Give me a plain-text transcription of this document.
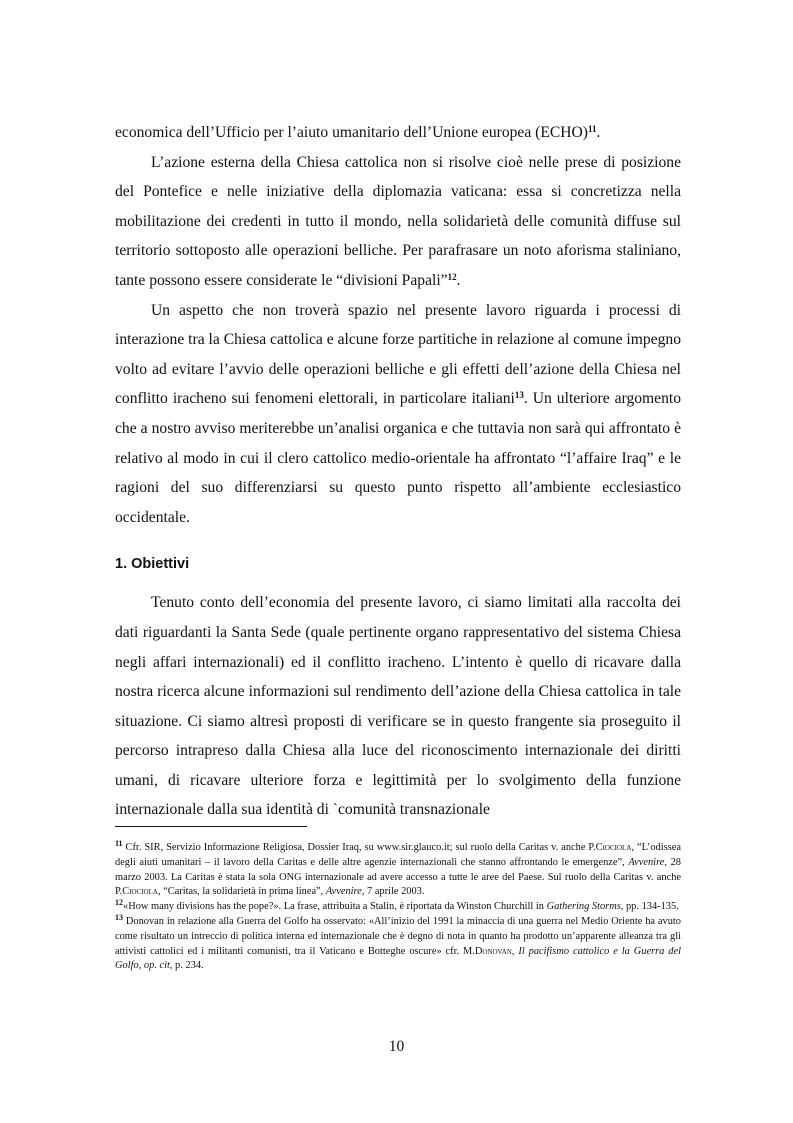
economica dell’Ufficio per l’aiuto umanitario dell’Unione europea (ECHO)$^{11}$.

L’azione esterna della Chiesa cattolica non si risolve cioè nelle prese di posizione del Pontefice e nelle iniziative della diplomazia vaticana: essa si concretizza nella mobilitazione dei credenti in tutto il mondo, nella solidarietà delle comunità diffuse sul territorio sottoposto alle operazioni belliche. Per parafrasare un noto aforisma staliniano, tante possono essere considerate le “divisioni Papali”$^{12}$.

Un aspetto che non troverà spazio nel presente lavoro riguarda i processi di interazione tra la Chiesa cattolica e alcune forze partitiche in relazione al comune impegno volto ad evitare l’avvio delle operazioni belliche e gli effetti dell’azione della Chiesa nel conflitto iracheno sui fenomeni elettorali, in particolare italiani$^{13}$. Un ulteriore argomento che a nostro avviso meriterebbe un’analisi organica e che tuttavia non sarà qui affrontato è relativo al modo in cui il clero cattolico medio-orientale ha affrontato “l’affaire Iraq” e le ragioni del suo differenziarsi su questo punto rispetto all’ambiente ecclesiastico occidentale.

1. Obiettivi

Tenuto conto dell’economia del presente lavoro, ci siamo limitati alla raccolta dei dati riguardanti la Santa Sede (quale pertinente organo rappresentativo del sistema Chiesa negli affari internazionali) ed il conflitto iracheno. L’intento è quello di ricavare dalla nostra ricerca alcune informazioni sul rendimento dell’azione della Chiesa cattolica in tale situazione. Ci siamo altresì proposti di verificare se in questo frangente sia proseguito il percorso intrapreso dalla Chiesa alla luce del riconoscimento internazionale dei diritti umani, di ricavare ulteriore forza e legittimità per lo svolgimento della funzione internazionale dalla sua identità di `comunità transnazionale

$^{11}$ Cfr. SIR, Servizio Informazione Religiosa, Dossier Iraq, su www.sir.glauco.it; sul ruolo della Caritas v. anche P.Ciociola, “L’odissea degli aiuti umanitari – il lavoro della Caritas e delle altre agenzie internazionali che stanno affrontando le emergenze”, Avvenire, 28 marzo 2003. La Caritas è stata la sola ONG internazionale ad avere accesso a tutte le aree del Paese. Sul ruolo della Caritas v. anche P.Ciociola, “Caritas, la solidarietà in prima linea”, Avvenire, 7 aprile 2003.

$^{12}$«How many divisions has the pope?». La frase, attribuita a Stalin, è riportata da Winston Churchill in Gathering Storms, pp. 134-135.

$^{13}$ Donovan in relazione alla Guerra del Golfo ha osservato: «All’inizio del 1991 la minaccia di una guerra nel Medio Oriente ha avuto come risultato un intreccio di politica interna ed internazionale che è degno di nota in quanto ha prodotto un’apparente alleanza tra gli attivisti cattolici ed i militanti comunisti, tra il Vaticano e Botteghe oscure» cfr. M.Donovan, Il pacifismo cattolico e la Guerra del Golfo, op. cit, p. 234.

10
